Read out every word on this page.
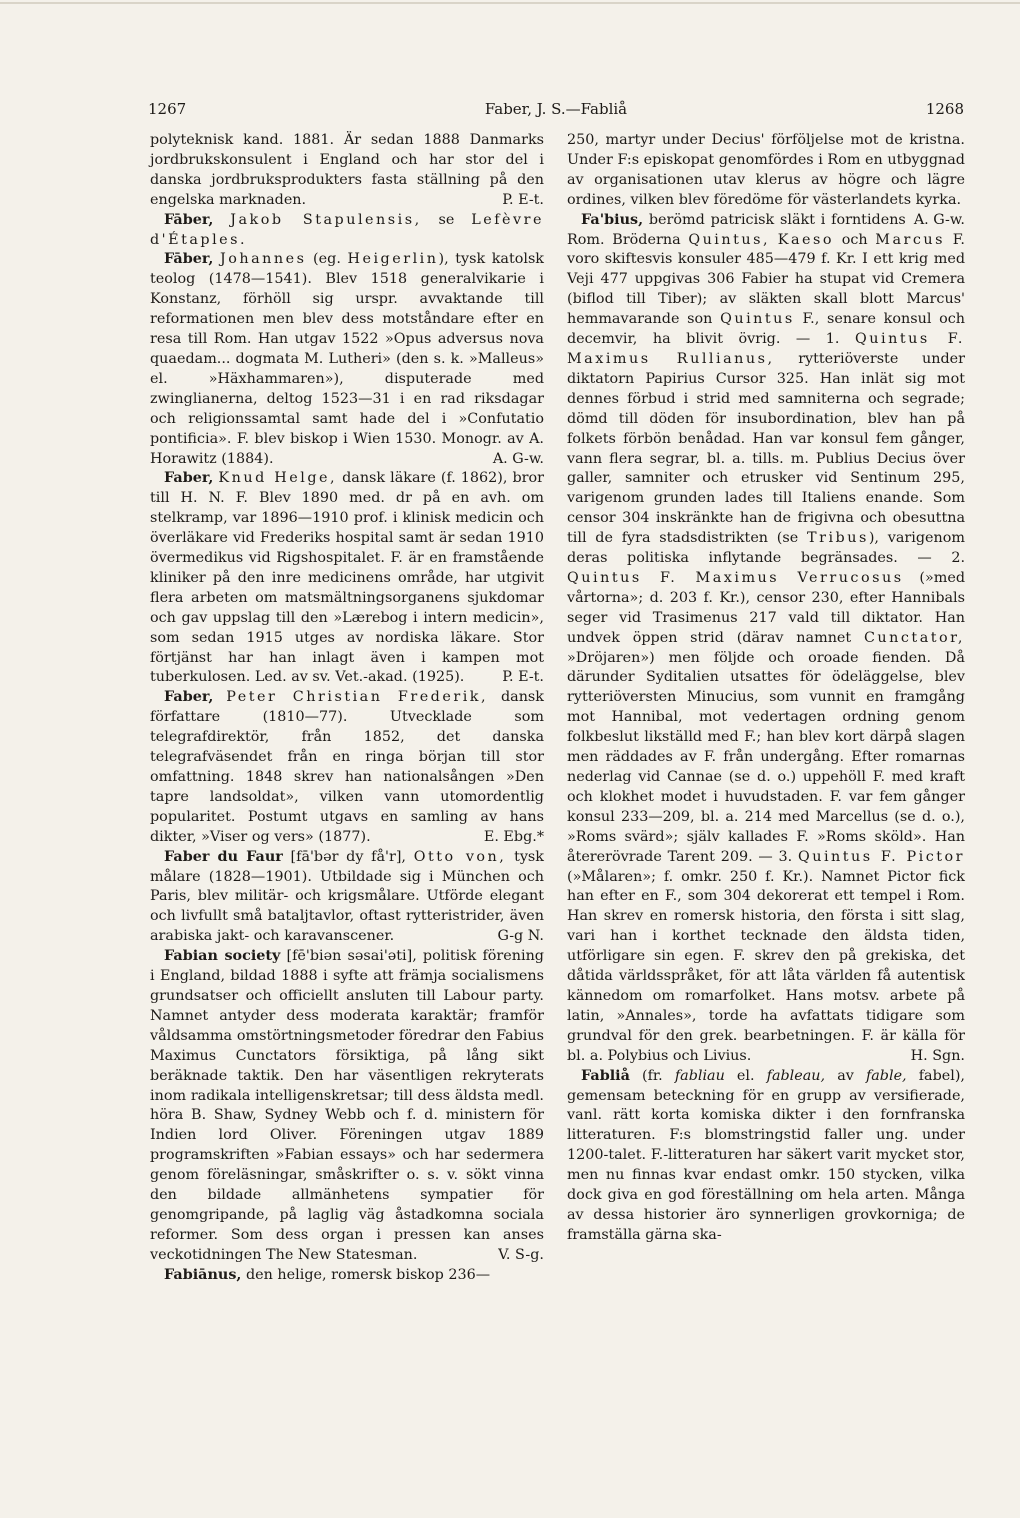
1267	Faber, J. S.—Fabliå	1268

polyteknisk kand. 1881. Är sedan 1888 Danmarks jordbrukskonsulent i England och har stor del i danska jordbruksprodukters fasta ställning på den engelska marknaden.	P. E-t.

Fāber, Jakob Stapulensis, se Lefèvre d'Étaples.

Fāber, Johannes (eg. Heigerlin), tysk katolsk teolog (1478—1541). Blev 1518 generalvikarie i Konstanz, förhöll sig urspr. avvaktande till reformationen men blev dess motståndare efter en resa till Rom. Han utgav 1522 »Opus adversus nova quaedam... dogmata M. Lutheri» (den s. k. »Malleus» el. »Häxhammaren»), disputerade med zwinglianerna, deltog 1523—31 i en rad riksdagar och religionssamtal samt hade del i »Confutatio pontificia». F. blev biskop i Wien 1530. Monogr. av A. Horawitz (1884).	A. G-w.

Faber, Knud Helge, dansk läkare (f. 1862), bror till H. N. F. Blev 1890 med. dr på en avh. om stelkramp, var 1896—1910 prof. i klinisk medicin och överläkare vid Frederiks hospital samt är sedan 1910 övermedikus vid Rigshospitalet. F. är en framstående kliniker på den inre medicinens område, har utgivit flera arbeten om matsmältningsorganens sjukdomar och gav uppslag till den »Lærebog i intern medicin», som sedan 1915 utges av nordiska läkare. Stor förtjänst har han inlagt även i kampen mot tuberkulosen. Led. av sv. Vet.-akad. (1925).	P. E-t.

Faber, Peter Christian Frederik, dansk författare (1810—77). Utvecklade som telegrafdirektör, från 1852, det danska telegrafväsendet från en ringa början till stor omfattning. 1848 skrev han nationalsången »Den tapre landsoldat», vilken vann utomordentlig popularitet. Postumt utgavs en samling av hans dikter, »Viser og vers» (1877).	E. Ebg.*

Faber du Faur [fā'bər dy få'r], Otto von, tysk målare (1828—1901). Utbildade sig i München och Paris, blev militär- och krigsmålare. Utförde elegant och livfullt små bataljtavlor, oftast rytteristrider, även arabiska jakt- och karavanscener.	G-g N.

Fabian society [fē'biən səsai'əti], politisk förening i England, bildad 1888 i syfte att främja socialismens grundsatser och officiellt ansluten till Labour party. Namnet antyder dess moderata karaktär; framför våldsamma omstörtningsmetoder föredrar den Fabius Maximus Cunctators försiktiga, på lång sikt beräknade taktik. Den har väsentligen rekryterats inom radikala intelligenskretsar; till dess äldsta medl. höra B. Shaw, Sydney Webb och f. d. ministern för Indien lord Oliver. Föreningen utgav 1889 programskriften »Fabian essays» och har sedermera genom föreläsningar, småskrifter o. s. v. sökt vinna den bildade allmänhetens sympatier för genomgripande, på laglig väg åstadkomna sociala reformer. Som dess organ i pressen kan anses veckotidningen The New Statesman.	V. S-g.

Fabiānus, den helige, romersk biskop 236—

250, martyr under Decius' förföljelse mot de kristna. Under F:s episkopat genomfördes i Rom en utbyggnad av organisationen utav klerus av högre och lägre ordines, vilken blev föredöme för västerlandets kyrka.
A. G-w.

Fa'bius, berömd patricisk släkt i forntidens Rom. Bröderna Quintus, Kaeso och Marcus F. voro skiftesvis konsuler 485—479 f. Kr. I ett krig med Veji 477 uppgivas 306 Fabier ha stupat vid Cremera (biflod till Tiber); av släkten skall blott Marcus' hemmavarande son Quintus F., senare konsul och decemvir, ha blivit övrig. — 1. Quintus F. Maximus Rullianus, rytteriöverste under diktatorn Papirius Cursor 325. Han inlät sig mot dennes förbud i strid med samniterna och segrade; dömd till döden för insubordination, blev han på folkets förbön benådad. Han var konsul fem gånger, vann flera segrar, bl. a. tills. m. Publius Decius över galler, samniter och etrusker vid Sentinum 295, varigenom grunden lades till Italiens enande. Som censor 304 inskränkte han de frigivna och obesuttna till de fyra stadsdistrikten (se Tribus), varigenom deras politiska inflytande begränsades. — 2. Quintus F. Maximus Verrucosus (»med vårtorna»; d. 203 f. Kr.), censor 230, efter Hannibals seger vid Trasimenus 217 vald till diktator. Han undvek öppen strid (därav namnet Cunctator, »Dröjaren») men följde och oroade fienden. Då därunder Syditalien utsattes för ödeläggelse, blev rytteriöversten Minucius, som vunnit en framgång mot Hannibal, mot vedertagen ordning genom folkbeslut likställd med F.; han blev kort därpå slagen men räddades av F. från undergång. Efter romarnas nederlag vid Cannae (se d. o.) uppehöll F. med kraft och klokhet modet i huvudstaden. F. var fem gånger konsul 233—209, bl. a. 214 med Marcellus (se d. o.), »Roms svärd»; själv kallades F. »Roms sköld». Han återerövrade Tarent 209. — 3. Quintus F. Pictor (»Målaren»; f. omkr. 250 f. Kr.). Namnet Pictor fick han efter en F., som 304 dekorerat ett tempel i Rom. Han skrev en romersk historia, den första i sitt slag, vari han i korthet tecknade den äldsta tiden, utförligare sin egen. F. skrev den på grekiska, det dåtida världsspråket, för att låta världen få autentisk kännedom om romarfolket. Hans motsv. arbete på latin, »Annales», torde ha avfattats tidigare som grundval för den grek. bearbetningen. F. är källa för bl. a. Polybius och Livius.	H. Sgn.

Fabliå (fr. fabliau el. fableau, av fable, fabel), gemensam beteckning för en grupp av versifierade, vanl. rätt korta komiska dikter i den fornfranska litteraturen. F:s blomstringstid faller ung. under 1200-talet. F.-litteraturen har säkert varit mycket stor, men nu finnas kvar endast omkr. 150 stycken, vilka dock giva en god föreställning om hela arten. Många av dessa historier äro synnerligen grovkorniga; de framställa gärna ska-
